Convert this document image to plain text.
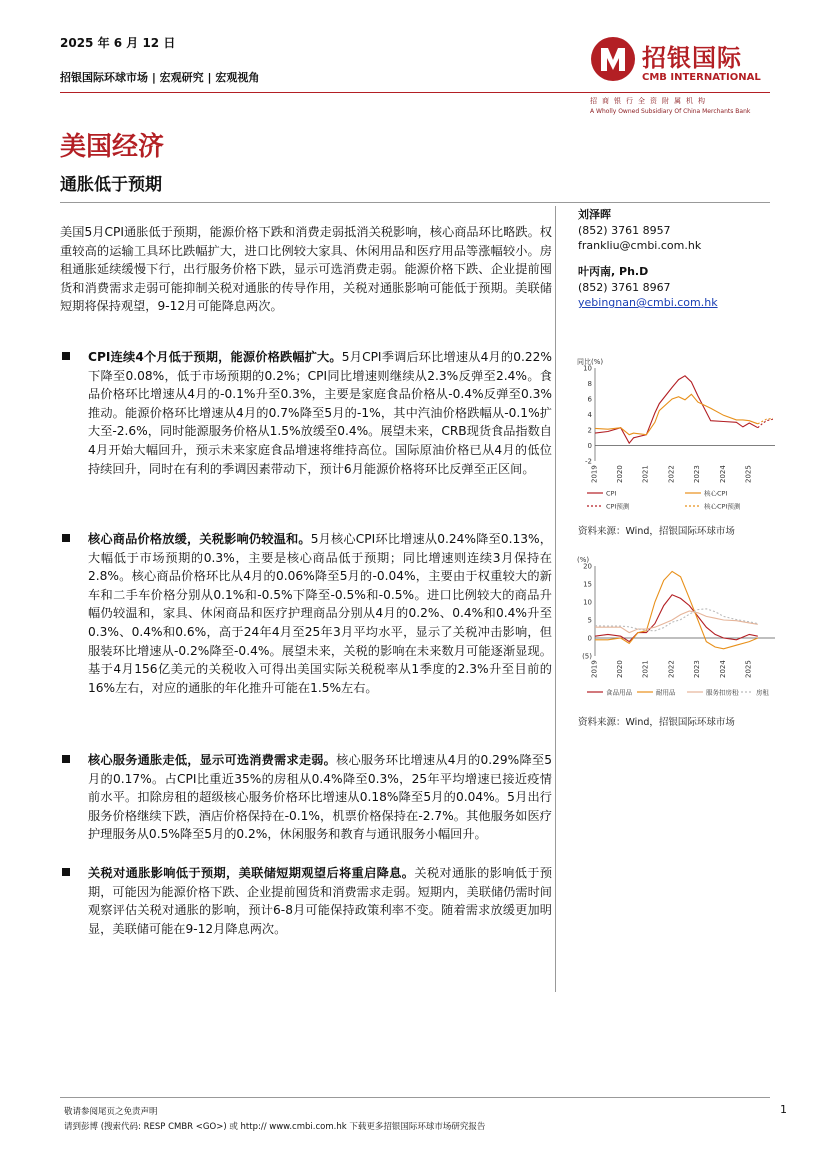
2025 年 6 月 12 日
招银国际环球市场 | 宏观研究 | 宏观视角
招银国际
CMB INTERNATIONAL
招商银行全资附属机构
A Wholly Owned Subsidiary Of China Merchants Bank
美国经济
通胀低于预期
美国5月CPI通胀低于预期，能源价格下跌和消费走弱抵消关税影响，核心商品环比略跌。权重较高的运输工具环比跌幅扩大，进口比例较大家具、休闲用品和医疗用品等涨幅较小。房租通胀延续缓慢下行，出行服务价格下跌，显示可选消费走弱。能源价格下跌、企业提前囤货和消费需求走弱可能抑制关税对通胀的传导作用，关税对通胀影响可能低于预期。美联储短期将保持观望，9-12月可能降息两次。
CPI连续4个月低于预期，能源价格跌幅扩大。5月CPI季调后环比增速从4月的0.22%下降至0.08%，低于市场预期的0.2%；CPI同比增速则继续从2.3%反弹至2.4%。食品价格环比增速从4月的-0.1%升至0.3%，主要是家庭食品价格从-0.4%反弹至0.3%推动。能源价格环比增速从4月的0.7%降至5月的-1%，其中汽油价格跌幅从-0.1%扩大至-2.6%，同时能源服务价格从1.5%放缓至0.4%。展望未来，CRB现货食品指数自4月开始大幅回升，预示未来家庭食品增速将维持高位。国际原油价格已从4月的低位持续回升，同时在有利的季调因素带动下，预计6月能源价格将环比反弹至正区间。
核心商品价格放缓，关税影响仍较温和。5月核心CPI环比增速从0.24%降至0.13%，大幅低于市场预期的0.3%，主要是核心商品低于预期；同比增速则连续3月保持在2.8%。核心商品价格环比从4月的0.06%降至5月的-0.04%，主要由于权重较大的新车和二手车价格分别从0.1%和-0.5%下降至-0.5%和-0.5%。进口比例较大的商品升幅仍较温和，家具、休闲商品和医疗护理商品分别从4月的0.2%、0.4%和0.4%升至0.3%、0.4%和0.6%，高于24年4月至25年3月平均水平，显示了关税冲击影响，但服装环比增速从-0.2%降至-0.4%。展望未来，关税的影响在未来数月可能逐渐显现。基于4月156亿美元的关税收入可得出美国实际关税税率从1季度的2.3%升至目前的16%左右，对应的通胀的年化推升可能在1.5%左右。
核心服务通胀走低，显示可选消费需求走弱。核心服务环比增速从4月的0.29%降至5月的0.17%。占CPI比重近35%的房租从0.4%降至0.3%，25年平均增速已接近疫情前水平。扣除房租的超级核心服务价格环比增速从0.18%降至5月的0.04%。5月出行服务价格继续下跌，酒店价格保持在-0.1%，机票价格保持在-2.7%。其他服务如医疗护理服务从0.5%降至5月的0.2%，休闲服务和教育与通讯服务小幅回升。
关税对通胀影响低于预期，美联储短期观望后将重启降息。关税对通胀的影响低于预期，可能因为能源价格下跌、企业提前囤货和消费需求走弱。短期内，美联储仍需时间观察评估关税对通胀的影响，预计6-8月可能保持政策利率不变。随着需求放缓更加明显，美联储可能在9-12月降息两次。
刘泽晖
(852) 3761 8957
frankliu@cmbi.com.hk
叶丙南, Ph.D
(852) 3761 8967
yebingnan@cmbi.com.hk
同比(%)
-2
0
2
4
6
8
10
2019	2020	2021	2022	2023	2024	2025
CPI	核心CPI
CPI预测	核心CPI预测
资料来源：Wind，招银国际环球市场
(%)
20
15
10
5
0
(5)
2019	2020	2021	2022	2023	2024	2025
食品用品	耐用品	服务扣房租	房租
资料来源：Wind，招银国际环球市场
敬请参阅尾页之免责声明
请到彭博 (搜索代码: RESP CMBR <GO>) 或 http:// www.cmbi.com.hk 下载更多招银国际环球市场研究报告
1
